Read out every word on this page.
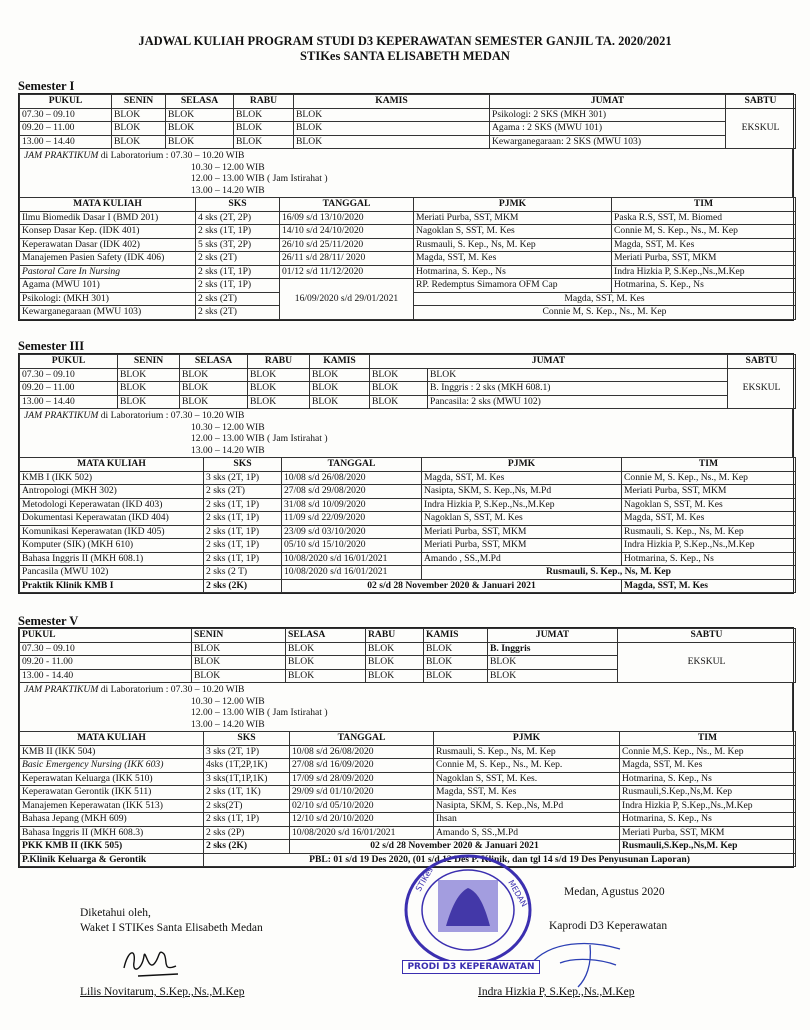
JADWAL KULIAH PROGRAM STUDI D3 KEPERAWATAN SEMESTER GANJIL TA. 2020/2021
STIKes SANTA ELISABETH MEDAN
Semester I
PUKUL	SENIN	SELASA	RABU	KAMIS	JUMAT	SABTU
07.30 – 09.10	BLOK	BLOK	BLOK	BLOK	Psikologi: 2 SKS (MKH 301)	EKSKUL
09.20 – 11.00	BLOK	BLOK	BLOK	BLOK	Agama : 2 SKS (MWU 101)	
13.00 – 14.40	BLOK	BLOK	BLOK	BLOK	Kewarganegaraan: 2 SKS (MWU 103)	
JAM PRAKTIKUM di Laboratorium : 07.30 – 10.20 WIB
10.30 – 12.00 WIB
12.00 – 13.00 WIB ( Jam Istirahat )
13.00 – 14.20 WIB
MATA KULIAH	SKS	TANGGAL	PJMK	TIM
Ilmu Biomedik Dasar I (BMD 201)	4 sks (2T, 2P)	16/09 s/d 13/10/2020	Meriati Purba, SST, MKM	Paska R.S, SST, M. Biomed
Konsep Dasar Kep. (IDK 401)	2 sks (1T, 1P)	14/10 s/d 24/10/2020	Nagoklan S, SST, M. Kes	Connie M, S. Kep., Ns., M. Kep
Keperawatan Dasar (IDK 402)	5 sks (3T, 2P)	26/10 s/d 25/11/2020	Rusmauli, S. Kep., Ns, M. Kep	Magda, SST, M. Kes
Manajemen Pasien Safety (IDK 406)	2 sks (2T)	26/11 s/d 28/11/ 2020	Magda, SST, M. Kes	Meriati Purba, SST, MKM
Pastoral Care In Nursing	2 sks (1T, 1P)	01/12 s/d 11/12/2020	Hotmarina, S. Kep., Ns	Indra Hizkia P, S.Kep.,Ns.,M.Kep
Agama (MWU 101)	2 sks (1T, 1P)	16/09/2020 s/d 29/01/2021	RP. Redemptus Simamora OFM Cap	Hotmarina, S. Kep., Ns
Psikologi: (MKH 301)	2 sks (2T)		Magda, SST, M. Kes	
Kewarganegaraan (MWU 103)	2 sks (2T)		Connie M, S. Kep., Ns., M. Kep	
Semester III
PUKUL	SENIN	SELASA	RABU	KAMIS	JUMAT		SABTU
07.30 – 09.10	BLOK	BLOK	BLOK	BLOK	BLOK	BLOK	EKSKUL
09.20 – 11.00	BLOK	BLOK	BLOK	BLOK	BLOK	B. Inggris : 2 sks (MKH 608.1)	
13.00 – 14.40	BLOK	BLOK	BLOK	BLOK	BLOK	Pancasila: 2 sks (MWU 102)	
JAM PRAKTIKUM di Laboratorium : 07.30 – 10.20 WIB
10.30 – 12.00 WIB
12.00 – 13.00 WIB ( Jam Istirahat )
13.00 – 14.20 WIB
MATA KULIAH	SKS	TANGGAL	PJMK	TIM
KMB I (IKK 502)	3 sks (2T, 1P)	10/08 s/d 26/08/2020	Magda, SST, M. Kes	Connie M, S. Kep., Ns., M. Kep
Antropologi (MKH 302)	2 sks (2T)	27/08 s/d 29/08/2020	Nasipta, SKM, S. Kep.,Ns, M.Pd	Meriati Purba, SST, MKM
Metodologi Keperawatan (IKD 403)	2 sks (1T, 1P)	31/08 s/d 10/09/2020	Indra Hizkia P, S.Kep.,Ns.,M.Kep	Nagoklan S, SST, M. Kes
Dokumentasi Keperawatan (IKD 404)	2 sks (1T, 1P)	11/09 s/d 22/09/2020	Nagoklan S, SST, M. Kes	Magda, SST, M. Kes
Komunikasi Keperawatan (IKD 405)	2 sks (1T, 1P)	23/09 s/d 03/10/2020	Meriati Purba, SST, MKM	Rusmauli, S. Kep., Ns, M. Kep
Komputer (SIK) (MKH 610)	2 sks (1T, 1P)	05/10 s/d 15/10/2020	Meriati Purba, SST, MKM	Indra Hizkia P, S.Kep.,Ns.,M.Kep
Bahasa Inggris II (MKH 608.1)	2 sks (1T, 1P)	10/08/2020 s/d 16/01/2021	Amando , SS.,M.Pd	Hotmarina, S. Kep., Ns
Pancasila (MWU 102)	2 sks (2 T)	10/08/2020 s/d 16/01/2021	Rusmauli, S. Kep., Ns, M. Kep	
Praktik Klinik KMB I	2 sks (2K)	02 s/d 28 November 2020 & Januari 2021		Magda, SST, M. Kes
Semester V
PUKUL	SENIN	SELASA	RABU	KAMIS	JUMAT	SABTU
07.30 – 09.10	BLOK	BLOK	BLOK	BLOK	B. Inggris	EKSKUL
09.20 - 11.00	BLOK	BLOK	BLOK	BLOK	BLOK	
13.00 - 14.40	BLOK	BLOK	BLOK	BLOK	BLOK	
JAM PRAKTIKUM di Laboratorium : 07.30 – 10.20 WIB
10.30 – 12.00 WIB
12.00 – 13.00 WIB ( Jam Istirahat )
13.00 – 14.20 WIB
MATA KULIAH	SKS	TANGGAL	PJMK	TIM
KMB II (IKK 504)	3 sks (2T, 1P)	10/08 s/d 26/08/2020	Rusmauli, S. Kep., Ns, M. Kep	Connie M,S. Kep., Ns., M. Kep
Basic Emergency Nursing (IKK 603)	4sks (1T,2P,1K)	27/08 s/d 16/09/2020	Connie M, S. Kep., Ns., M. Kep.	Magda, SST, M. Kes
Keperawatan Keluarga (IKK 510)	3 sks(1T,1P,1K)	17/09 s/d 28/09/2020	Nagoklan S, SST, M. Kes.	Hotmarina, S. Kep., Ns
Keperawatan Gerontik (IKK 511)	2 sks (1T, 1K)	29/09 s/d 01/10/2020	Magda, SST, M. Kes	Rusmauli,S.Kep.,Ns,M. Kep
Manajemen Keperawatan (IKK 513)	2 sks(2T)	02/10 s/d 05/10/2020	Nasipta, SKM, S. Kep.,Ns, M.Pd	Indra Hizkia P, S.Kep.,Ns.,M.Kep
Bahasa Jepang (MKH 609)	2 sks (1T, 1P)	12/10 s/d 20/10/2020	Ihsan	Hotmarina, S. Kep., Ns
Bahasa Inggris II (MKH 608.3)	2 sks (2P)	10/08/2020 s/d 16/01/2021	Amando S, SS.,M.Pd	Meriati Purba, SST, MKM
PKK KMB II (IKK 505)	2 sks (2K)	02 s/d 28 November 2020 & Januari 2021		Rusmauli,S.Kep.,Ns,M. Kep
P.Klinik Keluarga & Gerontik	PBL: 01 s/d 19 Des 2020, (01 s/d 12 Des P. Klinik, dan tgl 14 s/d 19 Des Penyusunan Laporan)			
Medan, Agustus 2020
Diketahui oleh,
Waket I STIKes Santa Elisabeth Medan	Kaprodi D3 Keperawatan
STIKes	MEDAN
PRODI D3 KEPERAWATAN
Lilis Novitarum, S.Kep.,Ns.,M.Kep	Indra Hizkia P, S.Kep.,Ns.,M.Kep
